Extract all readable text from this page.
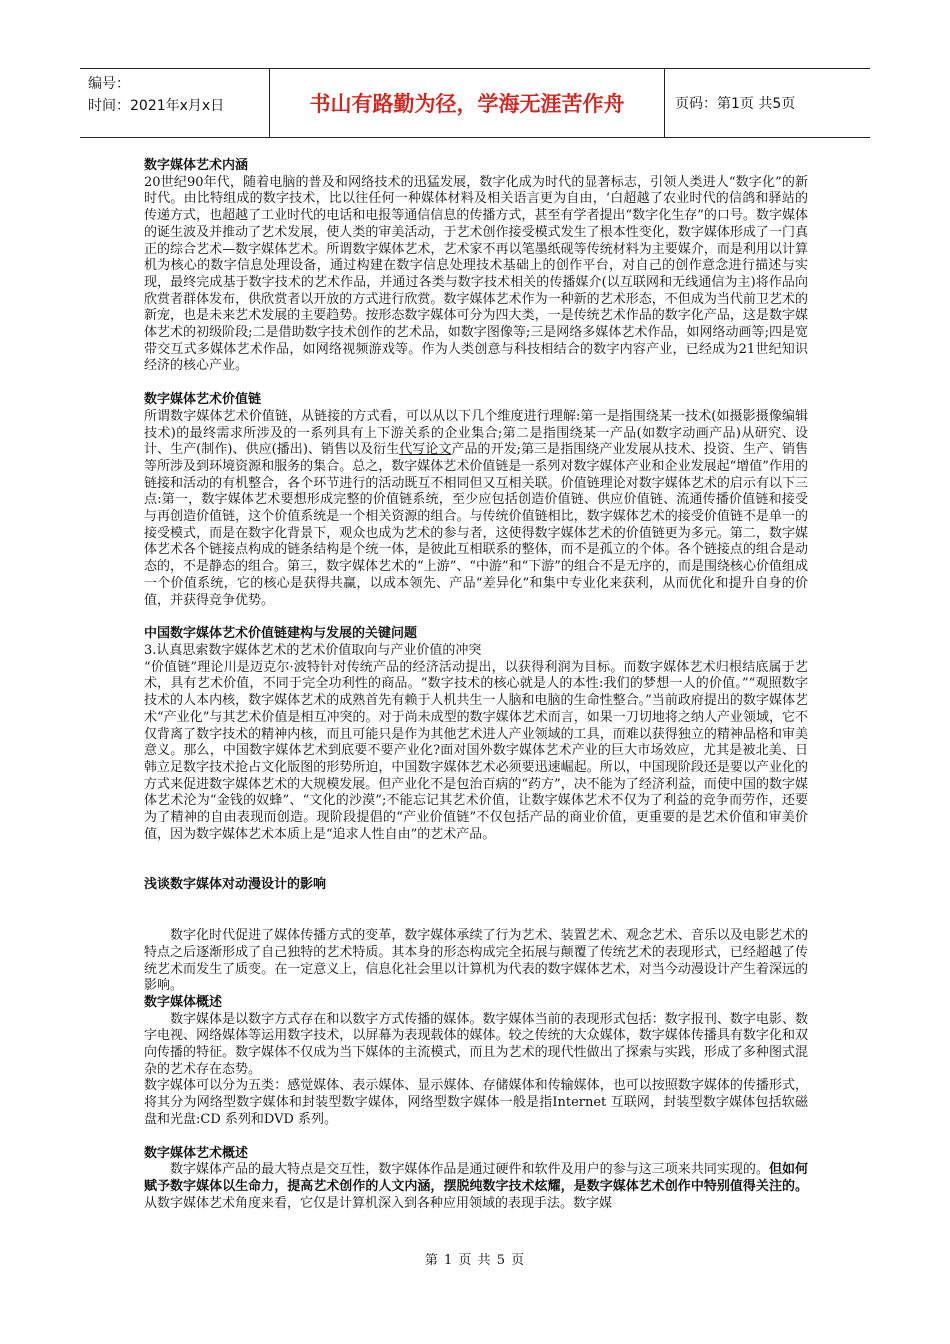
编号：
时间：2021年x月x日	书山有路勤为径，学海无涯苦作舟	页码：第1页 共5页

数字媒体艺术内涵

20世纪90年代，随着电脑的普及和网络技术的迅猛发展，数字化成为时代的显著标志，引领人类进人“数字化”的新时代。由比特组成的数字技术，比以往任何一种媒体材料及相关语言更为自由，‘白超越了农业时代的信鸽和驿站的传递方式，也超越了工业时代的电话和电报等通信信息的传播方式，甚至有学者提出“数字化生存”的口号。数字媒体的诞生波及并推动了艺术发展，使人类的审美活动，于艺术创作接受模式发生了根本性变化，数字媒体形成了一门真正的综合艺术—数字媒体艺术。所谓数字媒体艺术，艺术家不再以笔墨纸砚等传统材料为主要媒介，而是利用以计算机为核心的数字信息处理设备，通过构建在数字信息处理技术基础上的创作平台，对自己的创作意念进行描述与实现，最终完成基于数字技术的艺术作品，并通过各类与数字技术相关的传播媒介(以互联网和无线通信为主)将作品向欣赏者群体发布，供欣赏者以开放的方式进行欣赏。数字媒体艺术作为一种新的艺术形态，不但成为当代前卫艺术的新宠，也是未来艺术发展的主要趋势。按形态数字媒体可分为四大类，一是传统艺术作品的数字化产品，这是数字媒体艺术的初级阶段;二是借助数字技术创作的艺术品，如数字图像等;三是网络多媒体艺术作品，如网络动画等;四是宽带交互式多媒体艺术作品，如网络视频游戏等。作为人类创意与科技相结合的数字内容产业，已经成为21世纪知识经济的核心产业。

数字媒体艺术价值链

所谓数字媒体艺术价值链，从链接的方式看，可以从以下几个维度进行理解:第一是指围绕某一技术(如摄影摄像编辑技术)的最终需求所涉及的一系列具有上下游关系的企业集合;第二是指围绕某一产品(如数字动画产品)从研究、设计、生产(制作)、供应(播出)、销售以及衍生代写论文产品的开发;第三是指围绕产业发展从技术、投资、生产、销售等所涉及到环境资源和服务的集合。总之，数字媒体艺术价值链是一系列对数字媒体产业和企业发展起“增值”作用的链接和活动的有机整合，各个环节进行的活动既互不相同但又互相关联。价值链理论对数字媒体艺术的启示有以下三点:第一，数字媒体艺术要想形成完整的价值链系统，至少应包括创造价值链、供应价值链、流通传播价值链和接受与再创造价值链，这个价值系统是一个相关资源的组合。与传统价值链相比，数字媒体艺术的接受价值链不是单一的接受模式，而是在数字化背景下，观众也成为艺术的参与者，这使得数字媒体艺术的价值链更为多元。第二，数字媒体艺术各个链接点构成的链条结构是个统一体，是彼此互相联系的整体，而不是孤立的个体。各个链接点的组合是动态的，不是静态的组合。第三，数字媒体艺术的“上游”、“中游”和“下游”的组合不是无序的，而是围绕核心价值组成一个价值系统，它的核心是获得共赢，以成本领先、产品“差异化”和集中专业化来获利，从而优化和提升自身的价值，并获得竞争优势。

中国数字媒体艺术价值链建构与发展的关键问题

3.认真思索数字媒体艺术的艺术价值取向与产业价值的冲突

“价值链”理论川是迈克尔·波特针对传统产品的经济活动提出，以获得利润为目标。而数字媒体艺术归根结底属于艺术，具有艺术价值，不同于完全功利性的商品。“数字技术的核心就是人的本性:我们的梦想一人的价值。”“观照数字技术的人本内核，数字媒体艺术的成熟首先有赖于人机共生一人脑和电脑的生命性整合。”当前政府提出的数字媒体艺术“产业化”与其艺术价值是相互冲突的。对于尚未成型的数字媒体艺术而言，如果一刀切地将之纳人产业领域，它不仅背离了数字技术的精神内核，而且可能只是作为其他艺术进人产业领域的工具，而难以获得独立的精神品格和审美意义。那么，中国数字媒体艺术到底要不要产业化?面对国外数字媒体艺术产业的巨大市场效应，尤其是被北美、日韩立足数字技术抢占文化版图的形势所迫，中国数字媒体艺术必须要迅速崛起。所以，中国现阶段还是要以产业化的方式来促进数字媒体艺术的大规模发展。但产业化不是包治百病的“药方”，决不能为了经济利益，而使中国的数字媒体艺术沦为“金钱的奴蜂”、“文化的沙漠”;不能忘记其艺术价值，让数字媒体艺术不仅为了利益的竞争而劳作，还要为了精神的自由表现而创造。现阶段提倡的“产业价值链”不仅包括产品的商业价值，更重要的是艺术价值和审美价值，因为数字媒体艺术本质上是“追求人性自由”的艺术产品。

浅谈数字媒体对动漫设计的影响

数字化时代促进了媒体传播方式的变革，数字媒体承续了行为艺术、装置艺术、观念艺术、音乐以及电影艺术的特点之后逐渐形成了自己独特的艺术特质。其本身的形态构成完全拓展与颠覆了传统艺术的表现形式，已经超越了传统艺术而发生了质变。在一定意义上，信息化社会里以计算机为代表的数字媒体艺术，对当今动漫设计产生着深远的影响。

数字媒体概述

数字媒体是以数字方式存在和以数字方式传播的媒体。数字媒体当前的表现形式包括：数字报刊、数字电影、数字电视、网络媒体等运用数字技术，以屏幕为表现载体的媒体。较之传统的大众媒体，数字媒体传播具有数字化和双向传播的特征。数字媒体不仅成为当下媒体的主流模式，而且为艺术的现代性做出了探索与实践，形成了多种图式混杂的艺术存在态势。

数字媒体可以分为五类：感觉媒体、表示媒体、显示媒体、存储媒体和传输媒体，也可以按照数字媒体的传播形式，将其分为网络型数字媒体和封装型数字媒体，网络型数字媒体一般是指Internet 互联网，封装型数字媒体包括软磁盘和光盘:CD 系列和DVD 系列。

数字媒体艺术概述

数字媒体产品的最大特点是交互性，数字媒体作品是通过硬件和软件及用户的参与这三项来共同实现的。但如何赋予数字媒体以生命力，提高艺术创作的人文内涵，摆脱纯数字技术炫耀，是数字媒体艺术创作中特别值得关注的。从数字媒体艺术角度来看，它仅是计算机深入到各种应用领域的表现手法。数字媒

第 1 页 共 5 页
